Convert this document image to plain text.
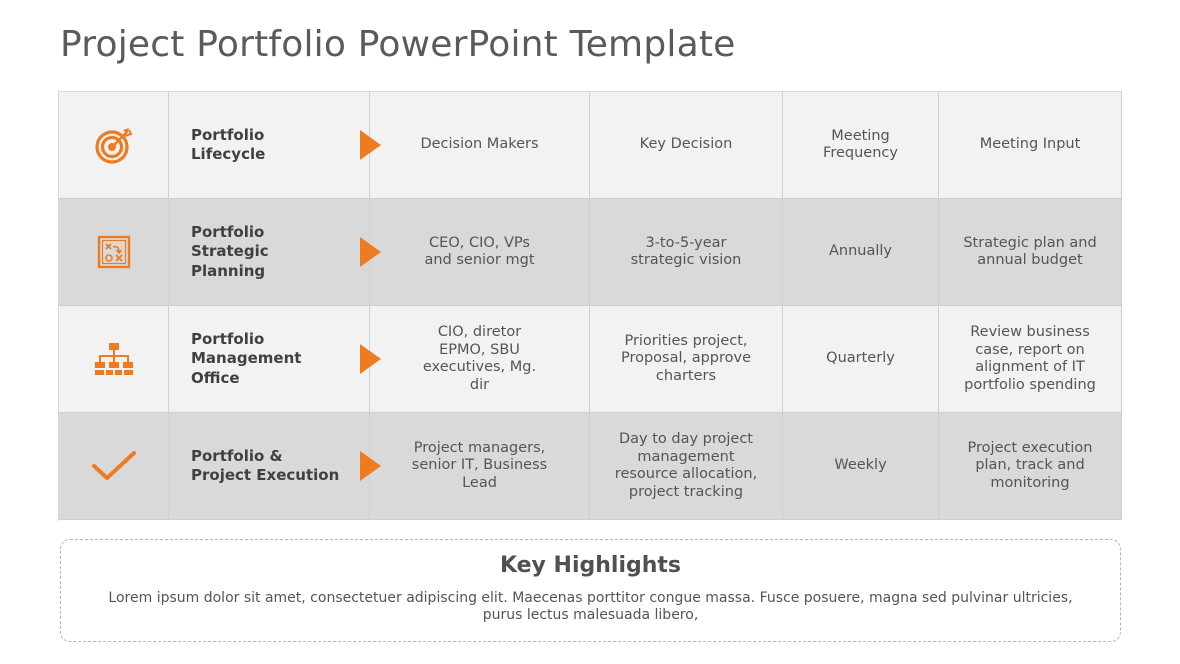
Project Portfolio PowerPoint Template
Portfolio Lifecycle
Decision Makers	Key Decision
Meeting Frequency
Meeting Input
Portfolio Strategic Planning
CEO, CIO, VPs and senior mgt
3-to-5-year strategic vision
Annually
Strategic plan and annual budget
Portfolio Management Office
CIO, diretor EPMO, SBU executives, Mg. dir
Priorities project, Proposal, approve charters
Quarterly
Review business case, report on alignment of IT portfolio spending
Portfolio & Project Execution
Project managers, senior IT, Business Lead
Day to day project management resource allocation, project tracking
Weekly
Project execution plan, track and monitoring
Key Highlights
Lorem ipsum dolor sit amet, consectetuer adipiscing elit. Maecenas porttitor congue massa. Fusce posuere, magna sed pulvinar ultricies, purus lectus malesuada libero,
